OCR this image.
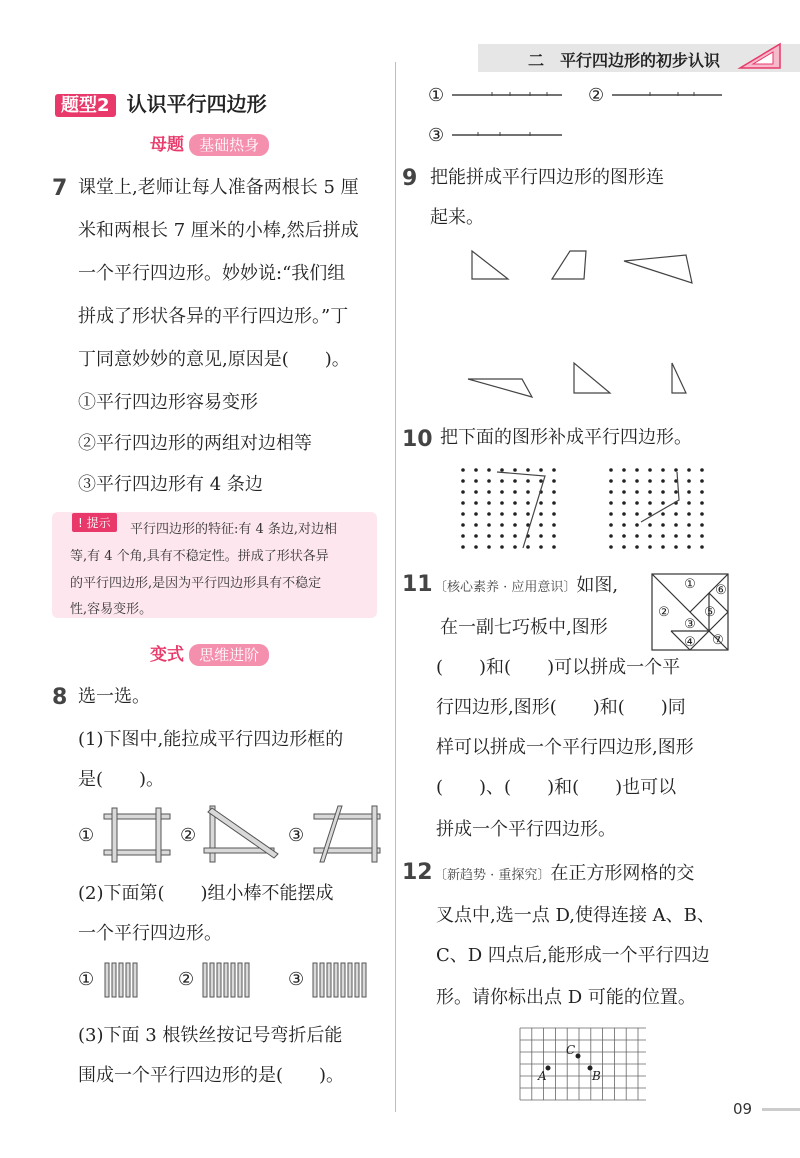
二　平行四边形的初步认识
题型2 认识平行四边形
母题 基础热身
7 课堂上,老师让每人准备两根长 5 厘
米和两根长 7 厘米的小棒,然后拼成
一个平行四边形。妙妙说:“我们组
拼成了形状各异的平行四边形。”丁
丁同意妙妙的意见,原因是(　　)。
①平行四边形容易变形
②平行四边形的两组对边相等
③平行四边形有 4 条边
! 提示	平行四边形的特征:有 4 条边,对边相
等,有 4 个角,具有不稳定性。拼成了形状各异
的平行四边形,是因为平行四边形具有不稳定
性,容易变形。
变式 思维进阶
8 选一选。
(1)下图中,能拉成平行四边形框的
是(　　)。
①	②	③
(2)下面第(　　)组小棒不能摆成
一个平行四边形。
①	②	③
(3)下面 3 根铁丝按记号弯折后能
围成一个平行四边形的是(　　)。
①	②
③
9 把能拼成平行四边形的图形连
起来。
10 把下面的图形补成平行四边形。
11 〔核心素养 · 应用意识〕如图,
在一副七巧板中,图形
(　　)和(　　)可以拼成一个平
行四边形,图形(　　)和(　　)同
样可以拼成一个平行四边形,图形
(　　)、(　　)和(　　)也可以
拼成一个平行四边形。
①
②
③
④
⑤
⑥
⑦
12 〔新趋势 · 重探究〕在正方形网格的交
叉点中,选一点 D,使得连接 A、B、
C、D 四点后,能形成一个平行四边
形。请你标出点 D 可能的位置。
A	B
C
09
